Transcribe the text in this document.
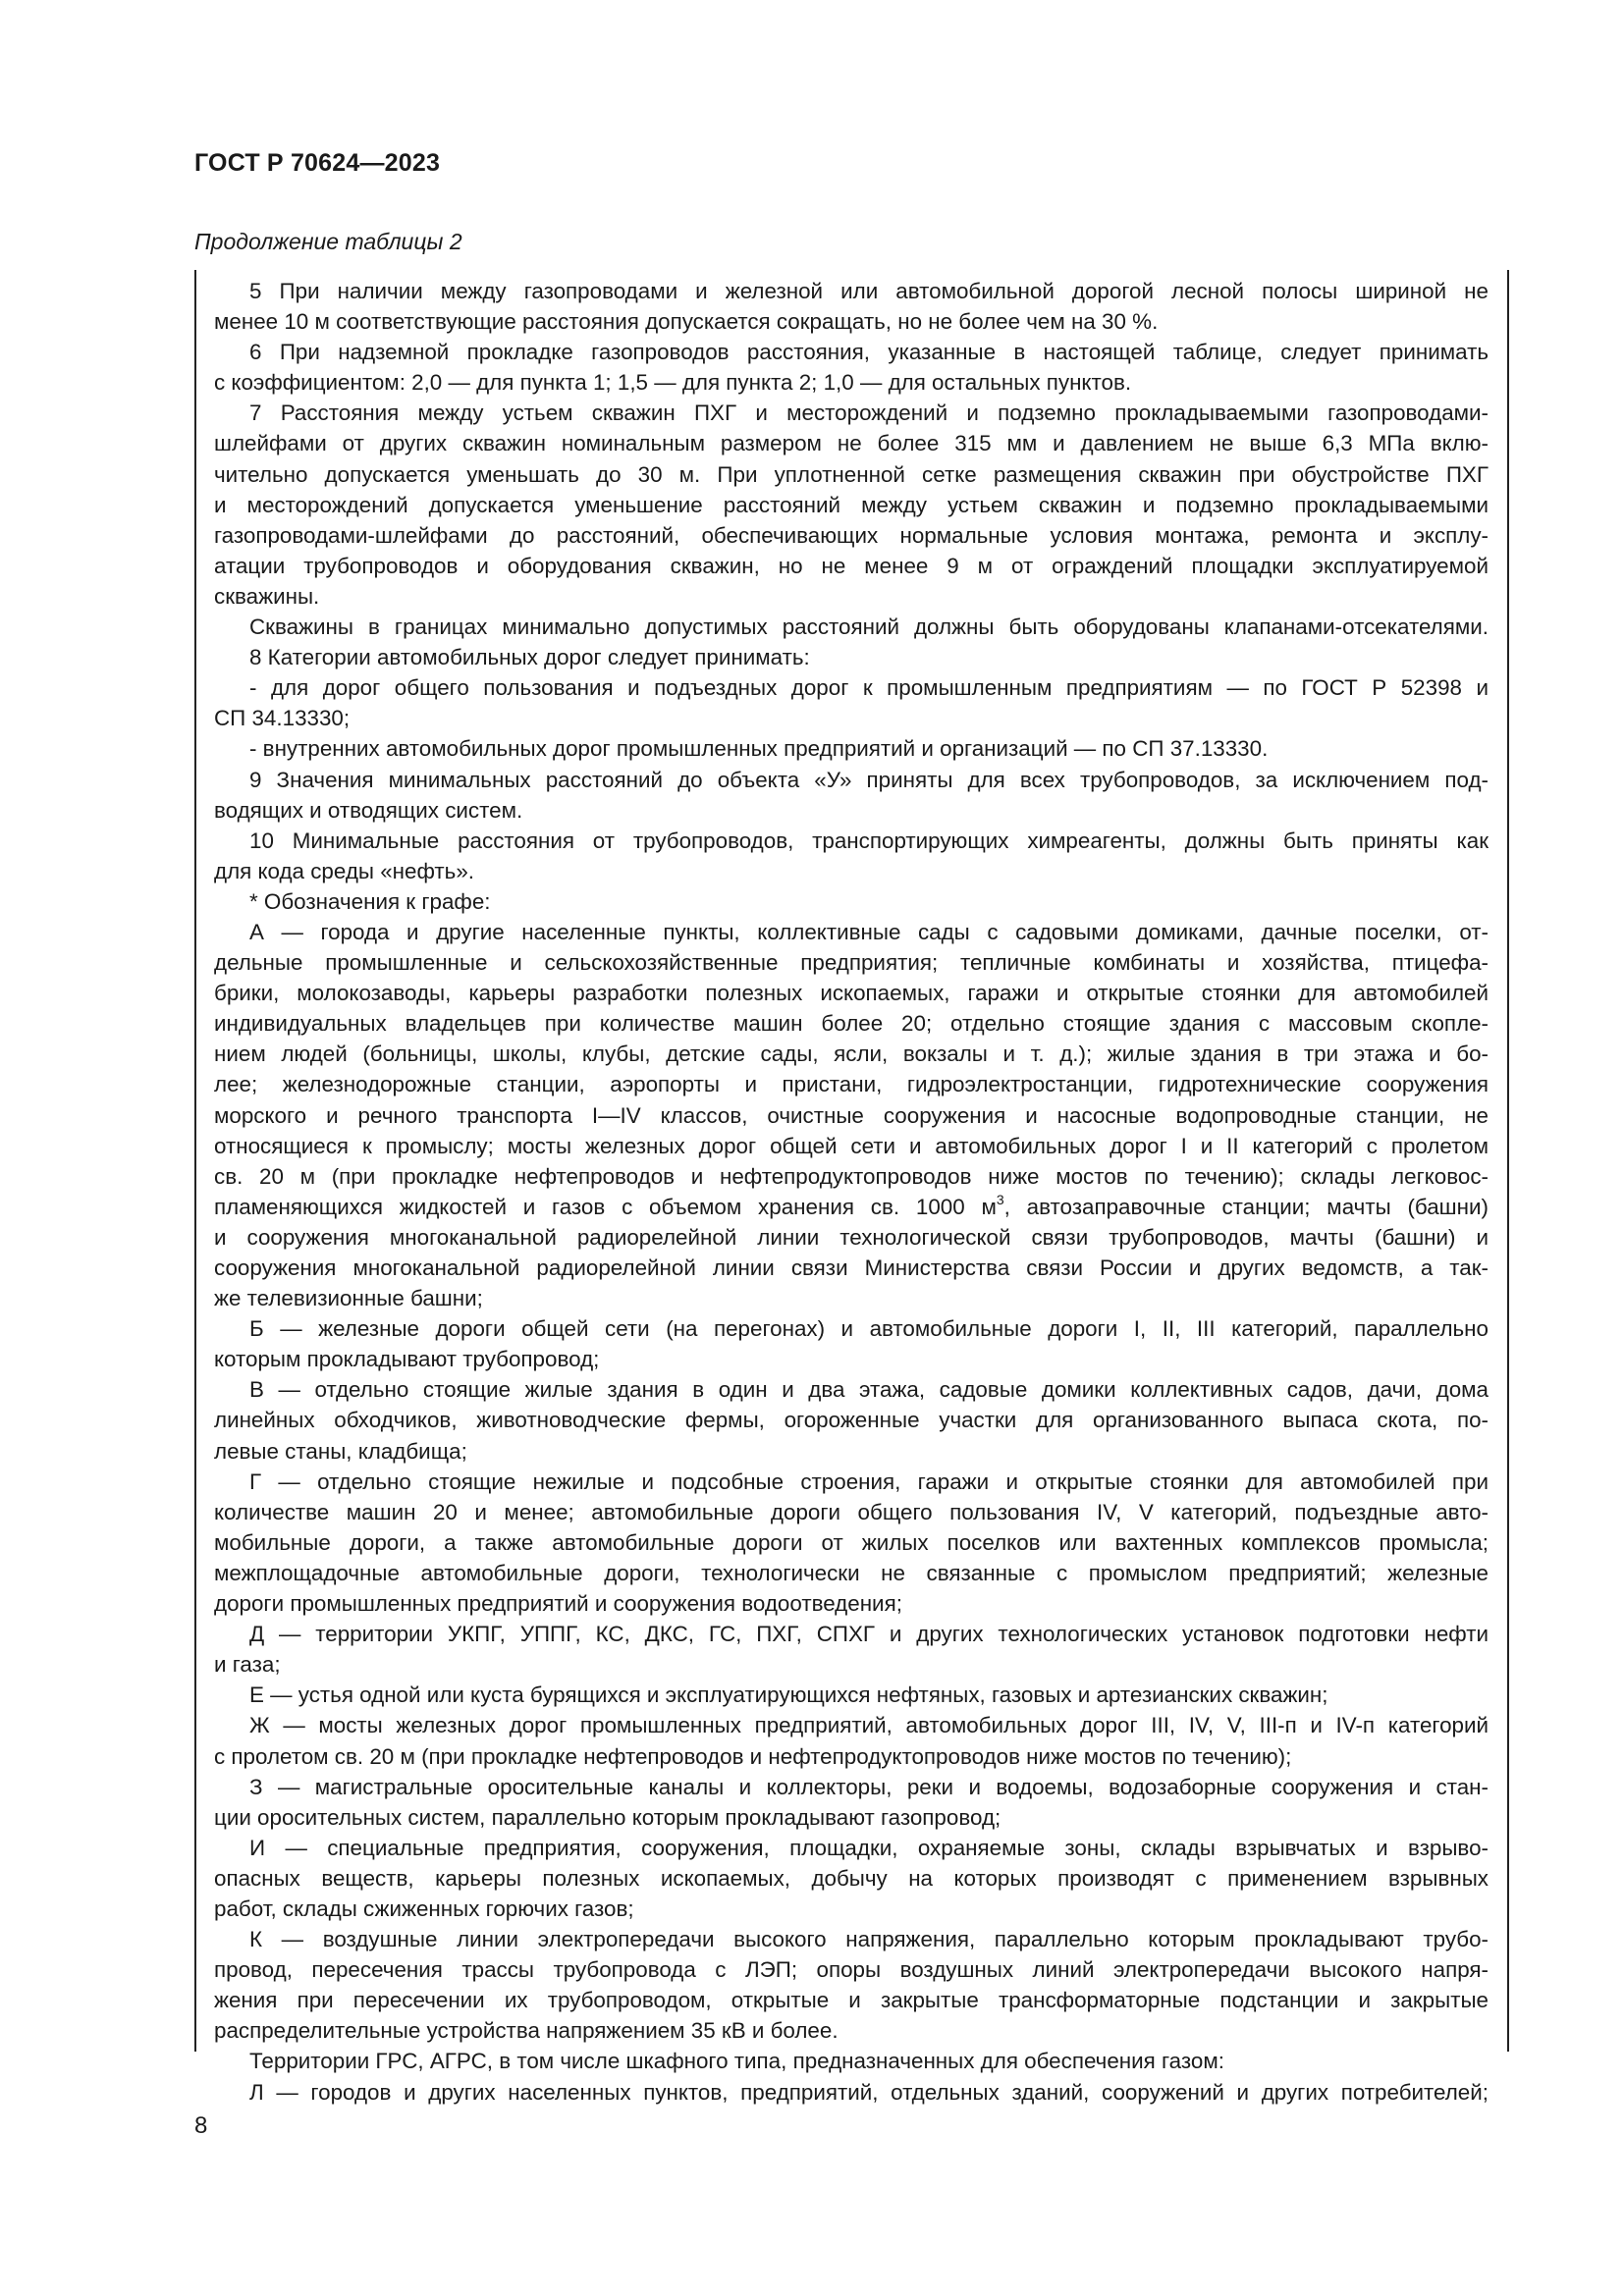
ГОСТ Р 70624—2023
Продолжение таблицы 2
5 При наличии между газопроводами и железной или автомобильной дорогой лесной полосы шириной не
менее 10 м соответствующие расстояния допускается сокращать, но не более чем на 30 %.
6 При надземной прокладке газопроводов расстояния, указанные в настоящей таблице, следует принимать
с коэффициентом: 2,0 — для пункта 1; 1,5 — для пункта 2; 1,0 — для остальных пунктов.
7 Расстояния между устьем скважин ПХГ и месторождений и подземно прокладываемыми газопроводами-
шлейфами от других скважин номинальным размером не более 315 мм и давлением не выше 6,3 МПа вклю-
чительно допускается уменьшать до 30 м. При уплотненной сетке размещения скважин при обустройстве ПХГ
и месторождений допускается уменьшение расстояний между устьем скважин и подземно прокладываемыми
газопроводами-шлейфами до расстояний, обеспечивающих нормальные условия монтажа, ремонта и эксплу-
атации трубопроводов и оборудования скважин, но не менее 9 м от ограждений площадки эксплуатируемой
скважины.
Скважины в границах минимально допустимых расстояний должны быть оборудованы клапанами-отсекателями.
8 Категории автомобильных дорог следует принимать:
- для дорог общего пользования и подъездных дорог к промышленным предприятиям — по ГОСТ Р 52398 и
СП 34.13330;
- внутренних автомобильных дорог промышленных предприятий и организаций — по СП 37.13330.
9 Значения минимальных расстояний до объекта «У» приняты для всех трубопроводов, за исключением под-
водящих и отводящих систем.
10 Минимальные расстояния от трубопроводов, транспортирующих химреагенты, должны быть приняты как
для кода среды «нефть».
* Обозначения к графе:
А — города и другие населенные пункты, коллективные сады с садовыми домиками, дачные поселки, от-
дельные промышленные и сельскохозяйственные предприятия; тепличные комбинаты и хозяйства, птицефа-
брики, молокозаводы, карьеры разработки полезных ископаемых, гаражи и открытые стоянки для автомобилей
индивидуальных владельцев при количестве машин более 20; отдельно стоящие здания с массовым скопле-
нием людей (больницы, школы, клубы, детские сады, ясли, вокзалы и т. д.); жилые здания в три этажа и бо-
лее; железнодорожные станции, аэропорты и пристани, гидроэлектростанции, гидротехнические сооружения
морского и речного транспорта I—IV классов, очистные сооружения и насосные водопроводные станции, не
относящиеся к промыслу; мосты железных дорог общей сети и автомобильных дорог I и II категорий с пролетом
св. 20 м (при прокладке нефтепроводов и нефтепродуктопроводов ниже мостов по течению); склады легковос-
пламеняющихся жидкостей и газов с объемом хранения св. 1000 $м^3$, автозаправочные станции; мачты (башни)
и сооружения многоканальной радиорелейной линии технологической связи трубопроводов, мачты (башни) и
сооружения многоканальной радиорелейной линии связи Министерства связи России и других ведомств, а так-
же телевизионные башни;
Б — железные дороги общей сети (на перегонах) и автомобильные дороги I, II, III категорий, параллельно
которым прокладывают трубопровод;
В — отдельно стоящие жилые здания в один и два этажа, садовые домики коллективных садов, дачи, дома
линейных обходчиков, животноводческие фермы, огороженные участки для организованного выпаса скота, по-
левые станы, кладбища;
Г — отдельно стоящие нежилые и подсобные строения, гаражи и открытые стоянки для автомобилей при
количестве машин 20 и менее; автомобильные дороги общего пользования IV, V категорий, подъездные авто-
мобильные дороги, а также автомобильные дороги от жилых поселков или вахтенных комплексов промысла;
межплощадочные автомобильные дороги, технологически не связанные с промыслом предприятий; железные
дороги промышленных предприятий и сооружения водоотведения;
Д — территории УКПГ, УППГ, КС, ДКС, ГС, ПХГ, СПХГ и других технологических установок подготовки нефти
и газа;
Е — устья одной или куста бурящихся и эксплуатирующихся нефтяных, газовых и артезианских скважин;
Ж — мосты железных дорог промышленных предприятий, автомобильных дорог III, IV, V, III-п и IV-п категорий
с пролетом св. 20 м (при прокладке нефтепроводов и нефтепродуктопроводов ниже мостов по течению);
З — магистральные оросительные каналы и коллекторы, реки и водоемы, водозаборные сооружения и стан-
ции оросительных систем, параллельно которым прокладывают газопровод;
И — специальные предприятия, сооружения, площадки, охраняемые зоны, склады взрывчатых и взрыво-
опасных веществ, карьеры полезных ископаемых, добычу на которых производят с применением взрывных
работ, склады сжиженных горючих газов;
К — воздушные линии электропередачи высокого напряжения, параллельно которым прокладывают трубо-
провод, пересечения трассы трубопровода с ЛЭП; опоры воздушных линий электропередачи высокого напря-
жения при пересечении их трубопроводом, открытые и закрытые трансформаторные подстанции и закрытые
распределительные устройства напряжением 35 кВ и более.
Территории ГРС, АГРС, в том числе шкафного типа, предназначенных для обеспечения газом:
Л — городов и других населенных пунктов, предприятий, отдельных зданий, сооружений и других потребителей;
8
